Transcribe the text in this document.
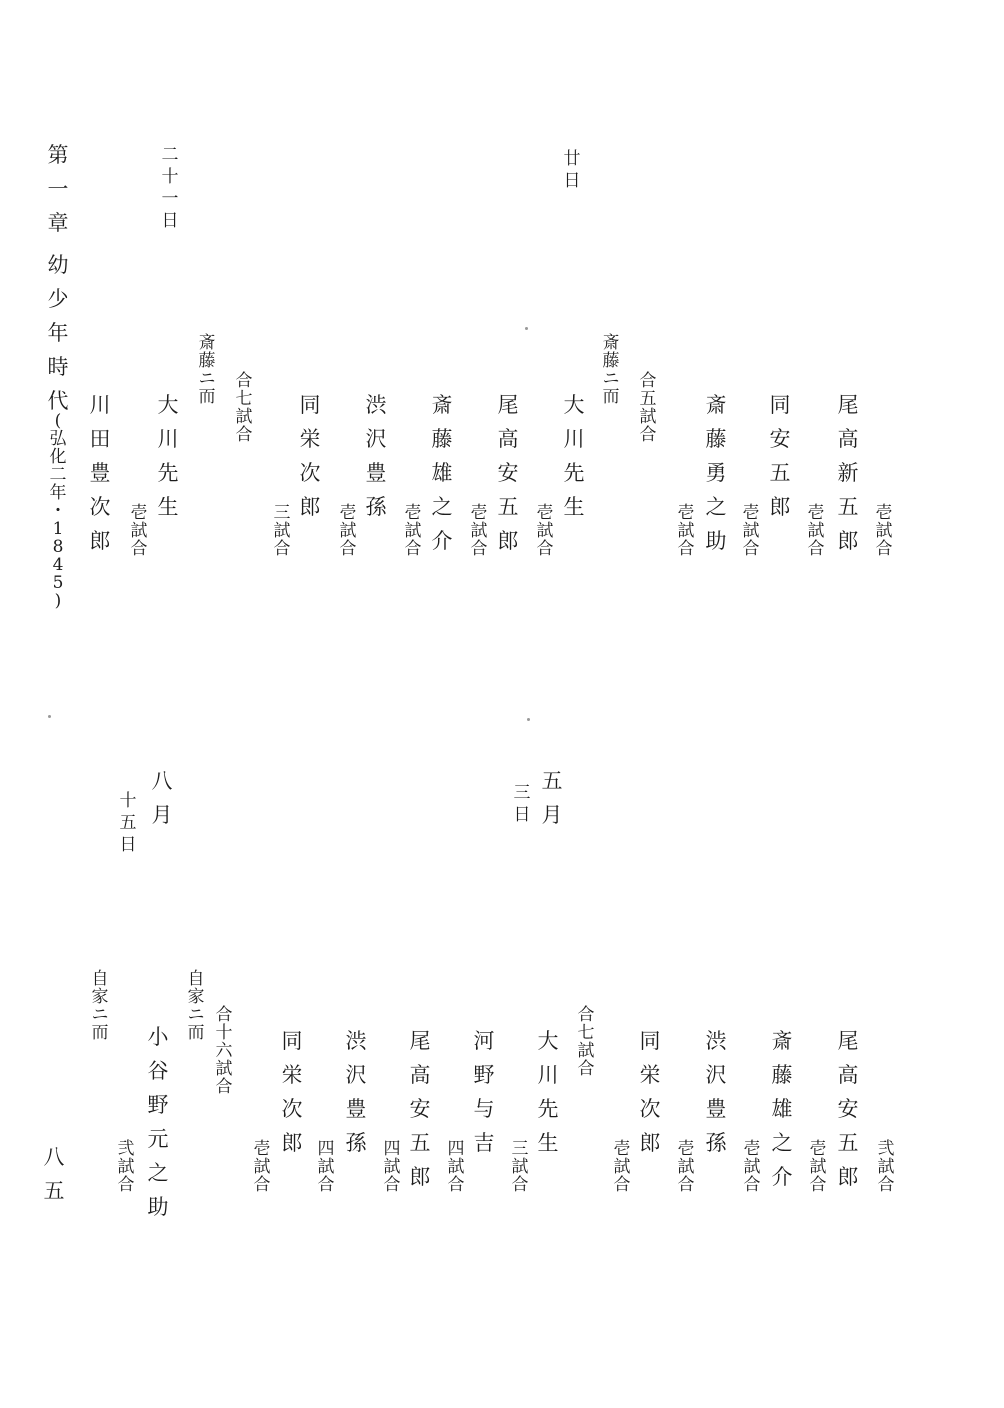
第
一
章
幼
少
年
時
代
(
弘
化
二
年
・
1
8
4
5
)
八
五
二
十
一
日
合
七
試
合
斎
藤
ニ
而
大
川
先
生
壱
試
合
川
田
豊
次
郎
廿
日
壱
試
合
尾
高
新
五
郎
壱
試
合
同
安
五
郎
壱
試
合
斎
藤
勇
之
助
壱
試
合
合
五
試
合
斎
藤
ニ
而
大
川
先
生
壱
試
合
尾
高
安
五
郎
壱
試
合
斎
藤
雄
之
介
壱
試
合
渋
沢
豊
孫
壱
試
合
同
栄
次
郎
三
試
合
八
月
十
五
日
自
家
ニ
而 小
谷
野
元
之
助
弐
試
合
五
月
三
日
弐
試
合
尾
高
安
五
郎
壱
試
合
斎
藤
雄
之
介
壱
試
合
渋
沢
豊
孫
壱
試
合
同
栄
次
郎
壱
試
合
合
七
試
合
大
川
先
生
三
試
合
河
野
与
吉
四
試
合
尾
高
安
五
郎
四
試
合
渋
沢
豊
孫
四
試
合
同
栄
次
郎
壱
試
合
合
十
六
試
合
自
家
ニ
而
